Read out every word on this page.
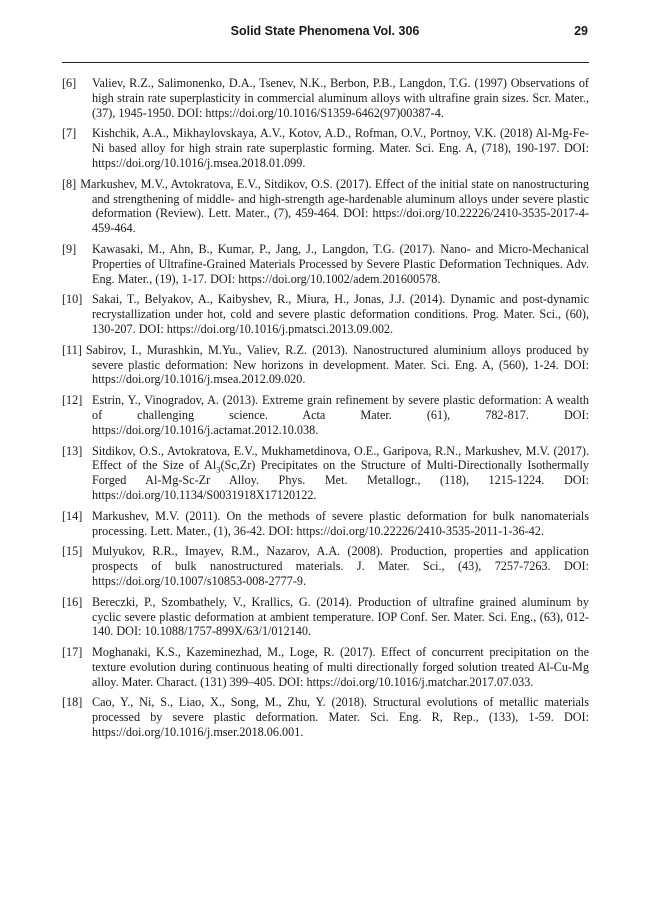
Solid State Phenomena Vol. 306	29
[6] Valiev, R.Z., Salimonenko, D.A., Tsenev, N.K., Berbon, P.B., Langdon, T.G. (1997) Observations of high strain rate superplasticity in commercial aluminum alloys with ultrafine grain sizes. Scr. Mater., (37), 1945-1950. DOI: https://doi.org/10.1016/S1359-6462(97)00387-4.
[7] Kishchik, A.A., Mikhaylovskaya, A.V., Kotov, A.D., Rofman, O.V., Portnoy, V.K. (2018) Al-Mg-Fe-Ni based alloy for high strain rate superplastic forming. Mater. Sci. Eng. A, (718), 190-197. DOI: https://doi.org/10.1016/j.msea.2018.01.099.
[8] Markushev, M.V., Avtokratova, E.V., Sitdikov, O.S. (2017). Effect of the initial state on nanostructuring and strengthening of middle- and high-strength age-hardenable aluminum alloys under severe plastic deformation (Review). Lett. Mater., (7), 459-464. DOI: https://doi.org/10.22226/2410-3535-2017-4-459-464.
[9] Kawasaki, M., Ahn, B., Kumar, P., Jang, J., Langdon, T.G. (2017). Nano- and Micro-Mechanical Properties of Ultrafine-Grained Materials Processed by Severe Plastic Deformation Techniques. Adv. Eng. Mater., (19), 1-17. DOI: https://doi.org/10.1002/adem.201600578.
[10] Sakai, T., Belyakov, A., Kaibyshev, R., Miura, H., Jonas, J.J. (2014). Dynamic and post-dynamic recrystallization under hot, cold and severe plastic deformation conditions. Prog. Mater. Sci., (60), 130-207. DOI: https://doi.org/10.1016/j.pmatsci.2013.09.002.
[11] Sabirov, I., Murashkin, M.Yu., Valiev, R.Z. (2013). Nanostructured aluminium alloys produced by severe plastic deformation: New horizons in development. Mater. Sci. Eng. A, (560), 1-24. DOI: https://doi.org/10.1016/j.msea.2012.09.020.
[12] Estrin, Y., Vinogradov, A. (2013). Extreme grain refinement by severe plastic deformation: A wealth of challenging science. Acta Mater. (61), 782-817. DOI: https://doi.org/10.1016/j.actamat.2012.10.038.
[13] Sitdikov, O.S., Avtokratova, E.V., Mukhametdinova, O.E., Garipova, R.N., Markushev, M.V. (2017). Effect of the Size of $Al_3(Sc,Zr)$ Precipitates on the Structure of Multi-Directionally Isothermally Forged Al-Mg-Sc-Zr Alloy. Phys. Met. Metallogr., (118), 1215-1224. DOI: https://doi.org/10.1134/S0031918X17120122.
[14] Markushev, M.V. (2011). On the methods of severe plastic deformation for bulk nanomaterials processing. Lett. Mater., (1), 36-42. DOI: https://doi.org/10.22226/2410-3535-2011-1-36-42.
[15] Mulyukov, R.R., Imayev, R.M., Nazarov, A.A. (2008). Production, properties and application prospects of bulk nanostructured materials. J. Mater. Sci., (43), 7257-7263. DOI: https://doi.org/10.1007/s10853-008-2777-9.
[16] Bereczki, P., Szombathely, V., Krallics, G. (2014). Production of ultrafine grained aluminum by cyclic severe plastic deformation at ambient temperature. IOP Conf. Ser. Mater. Sci. Eng., (63), 012-140. DOI: 10.1088/1757-899X/63/1/012140.
[17] Moghanaki, K.S., Kazeminezhad, M., Loge, R. (2017). Effect of concurrent precipitation on the texture evolution during continuous heating of multi directionally forged solution treated Al-Cu-Mg alloy. Mater. Charact. (131) 399–405. DOI: https://doi.org/10.1016/j.matchar.2017.07.033.
[18] Cao, Y., Ni, S., Liao, X., Song, M., Zhu, Y. (2018). Structural evolutions of metallic materials processed by severe plastic deformation. Mater. Sci. Eng. R, Rep., (133), 1-59. DOI: https://doi.org/10.1016/j.mser.2018.06.001.
